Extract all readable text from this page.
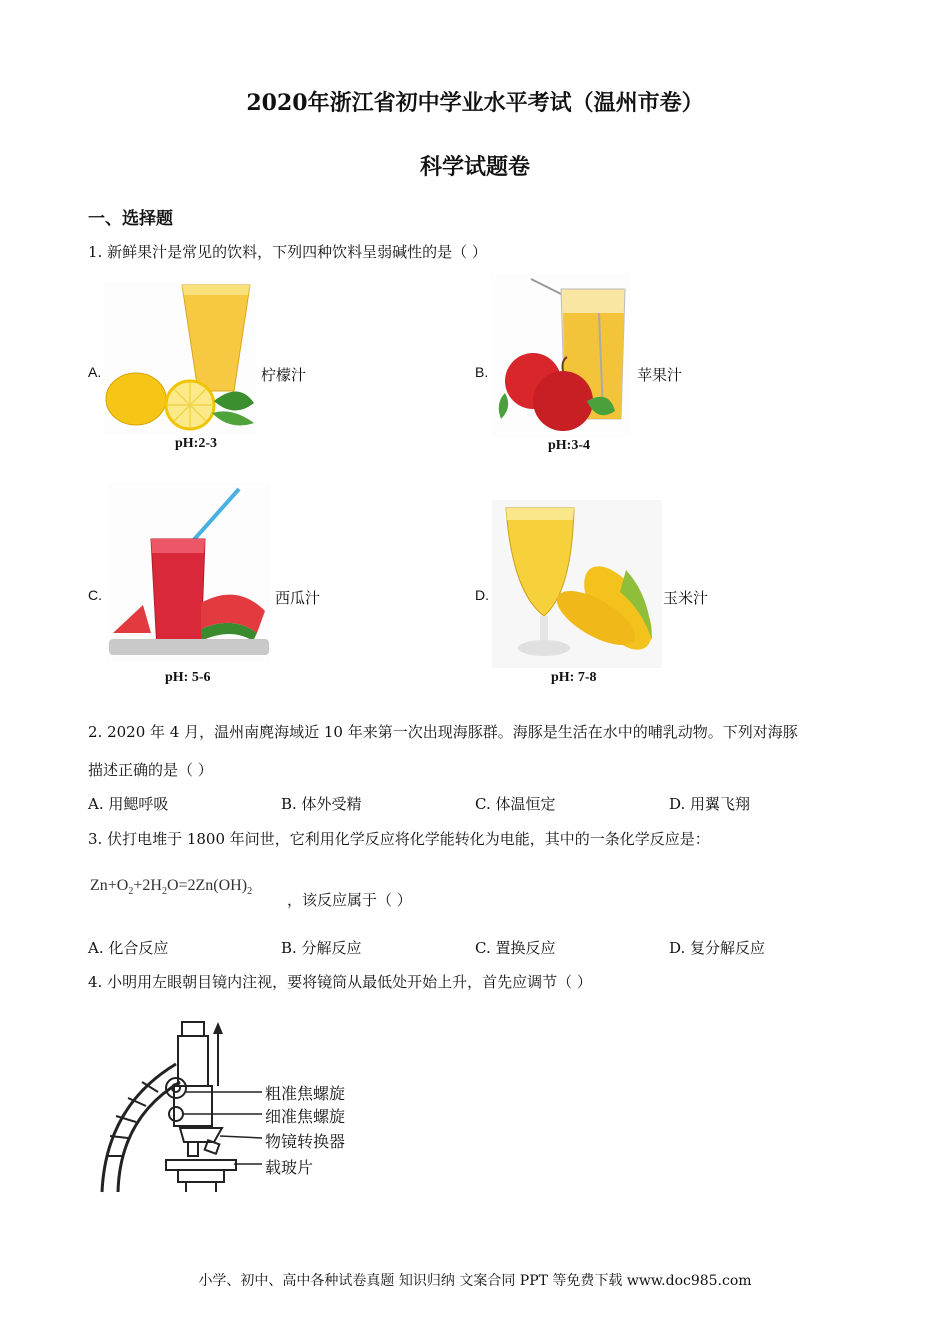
2020年浙江省初中学业水平考试（温州市卷）
科学试题卷
一、选择题
1. 新鲜果汁是常见的饮料，下列四种饮料呈弱碱性的是（ ）
A.
pH:2-3
柠檬汁	B.
pH:3-4
苹果汁
C.
pH: 5-6
西瓜汁	D.
pH: 7-8
玉米汁
2. 2020 年 4 月，温州南麂海域近 10 年来第一次出现海豚群。海豚是生活在水中的哺乳动物。下列对海豚
描述正确的是（ ）
A. 用鳃呼吸	B. 体外受精	C. 体温恒定	D. 用翼飞翔
3. 伏打电堆于 1800 年问世，它利用化学反应将化学能转化为电能，其中的一条化学反应是：
$Zn+O_2+2H_2O=2Zn(OH)_2$ ，该反应属于（ ）
A. 化合反应	B. 分解反应	C. 置换反应	D. 复分解反应
4. 小明用左眼朝目镜内注视，要将镜筒从最低处开始上升，首先应调节（ ）
粗准焦螺旋
细准焦螺旋
物镜转换器
载玻片
小学、初中、高中各种试卷真题 知识归纳 文案合同 PPT 等免费下载 www.doc985.com
